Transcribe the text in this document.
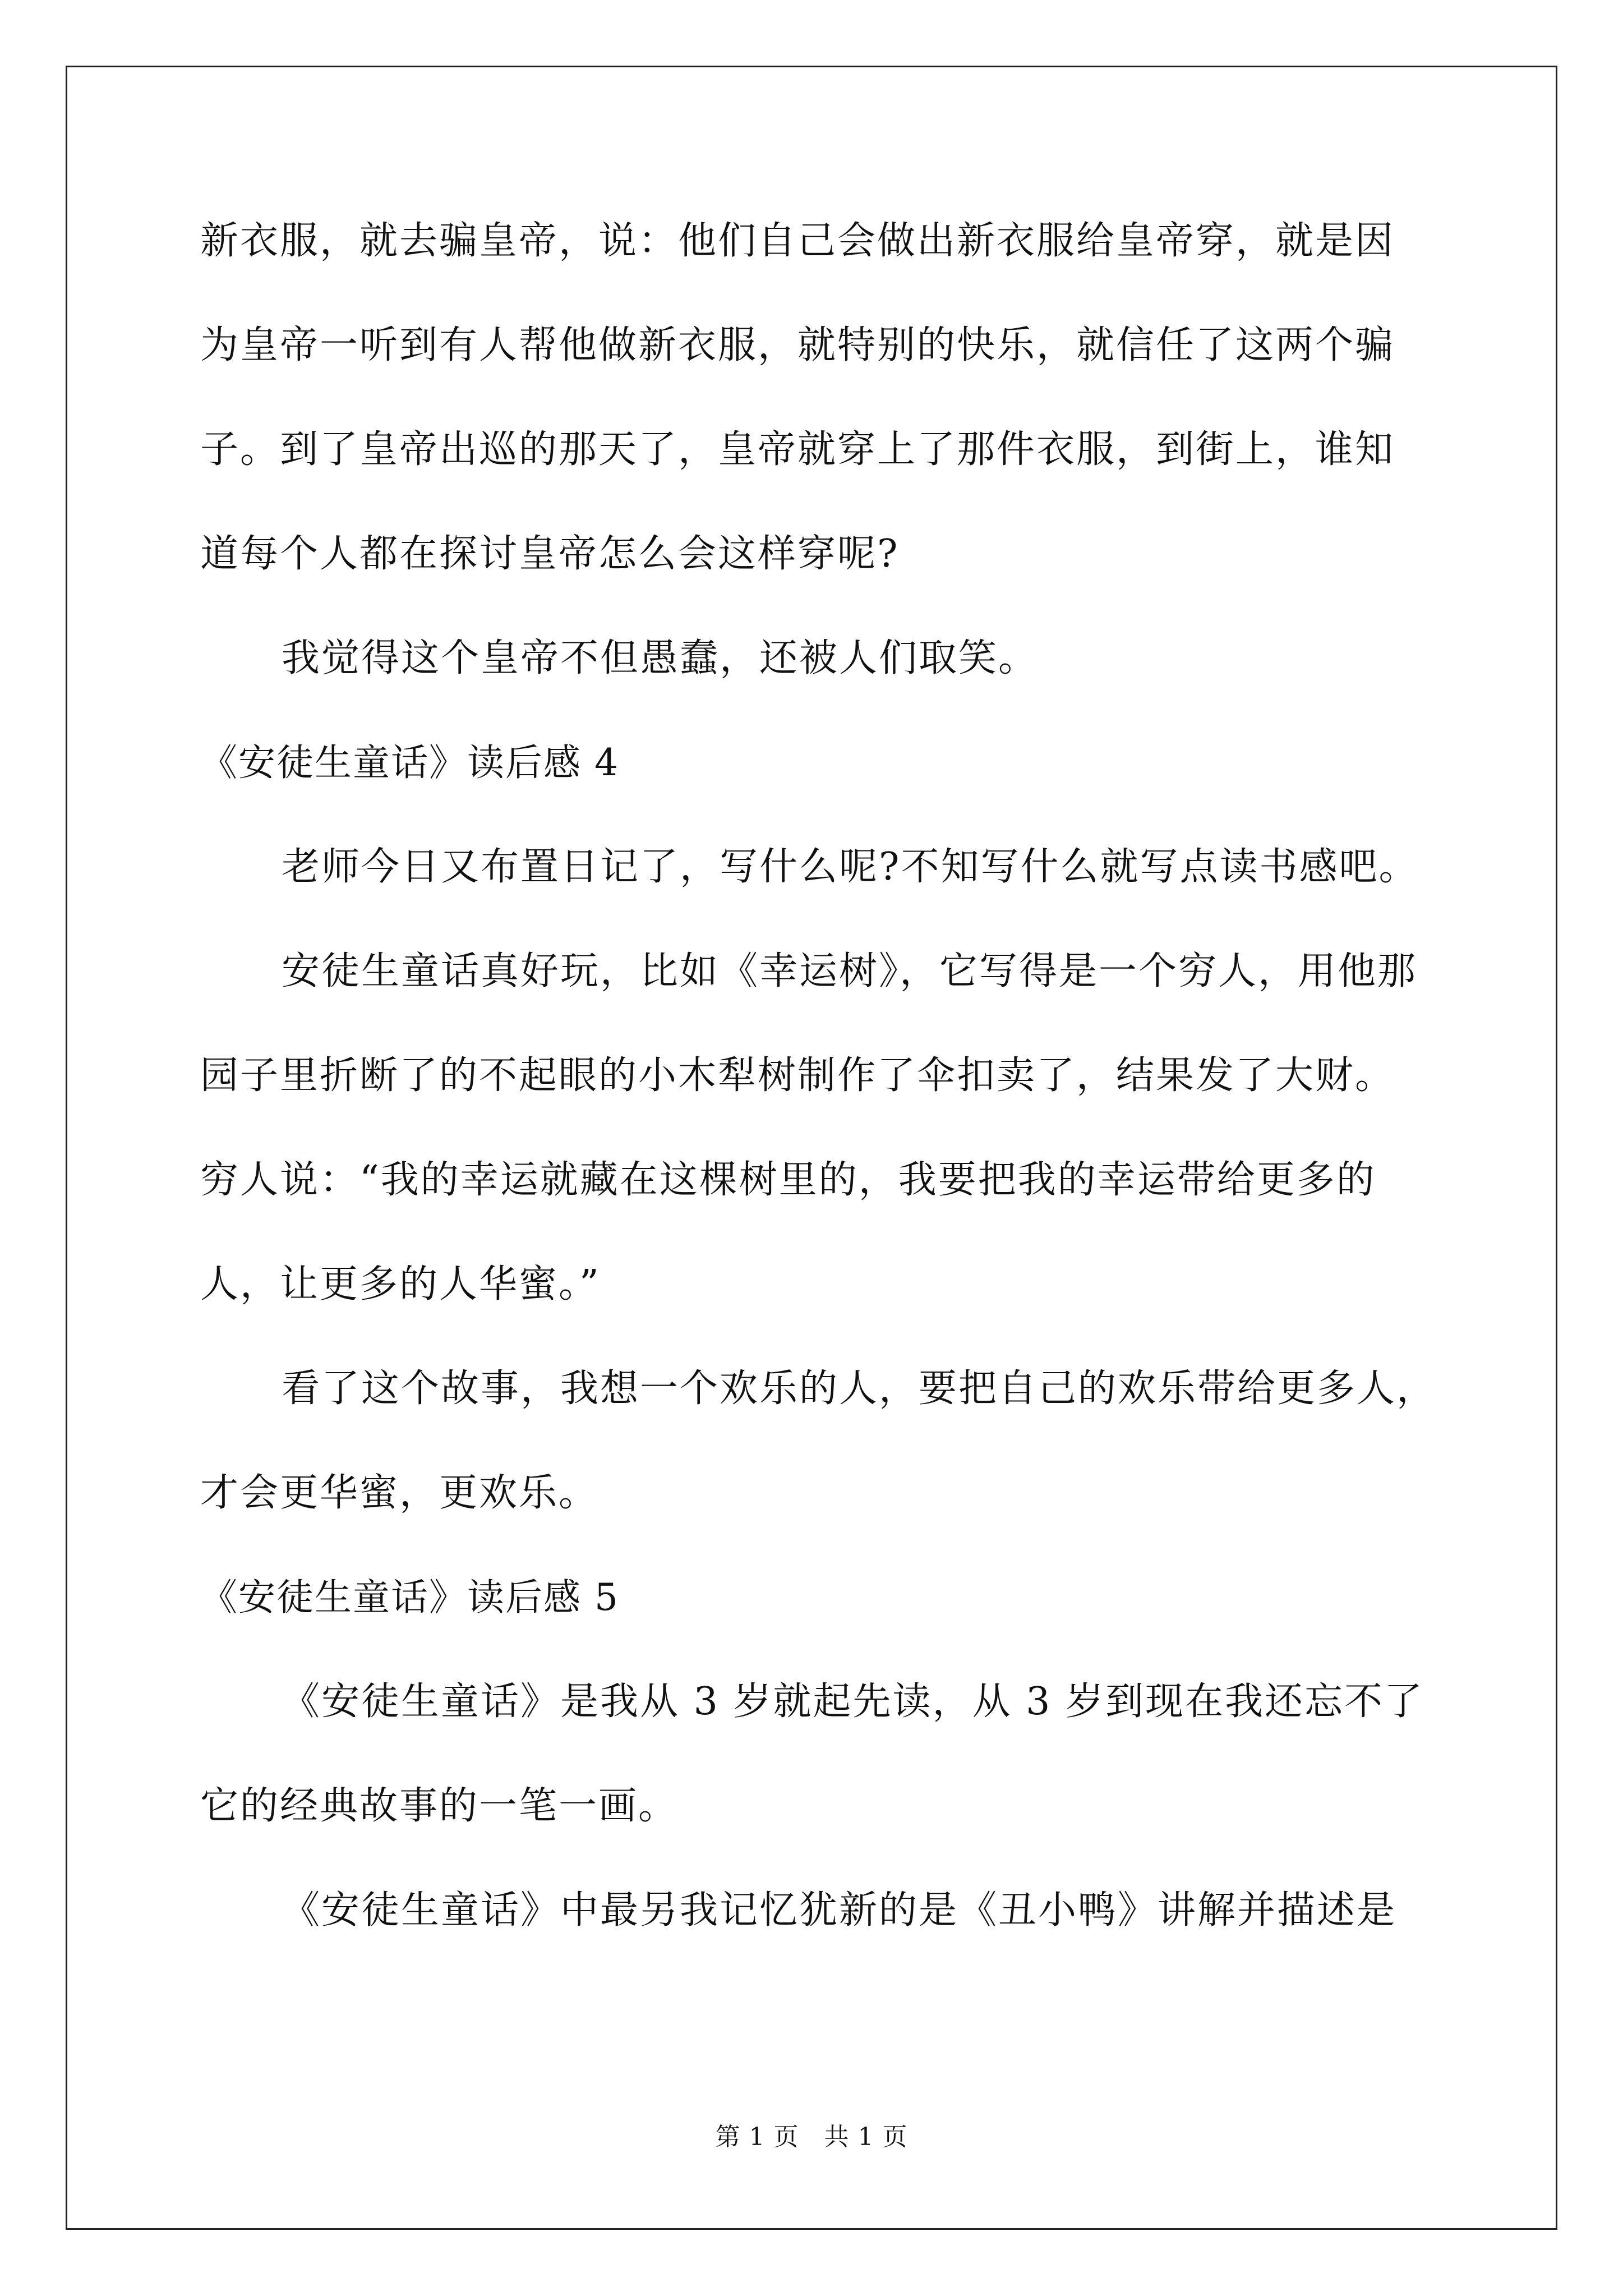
新衣服，就去骗皇帝，说：他们自己会做出新衣服给皇帝穿，就是因
为皇帝一听到有人帮他做新衣服，就特别的快乐，就信任了这两个骗
子。到了皇帝出巡的那天了，皇帝就穿上了那件衣服，到街上，谁知
道每个人都在探讨皇帝怎么会这样穿呢?
我觉得这个皇帝不但愚蠢，还被人们取笑。
《安徒生童话》读后感 4
老师今日又布置日记了，写什么呢?不知写什么就写点读书感吧。
安徒生童话真好玩，比如《幸运树》，它写得是一个穷人，用他那
园子里折断了的不起眼的小木犁树制作了伞扣卖了，结果发了大财。
穷人说：“我的幸运就藏在这棵树里的，我要把我的幸运带给更多的
人，让更多的人华蜜。”
看了这个故事，我想一个欢乐的人，要把自己的欢乐带给更多人，
才会更华蜜，更欢乐。
《安徒生童话》读后感 5
《安徒生童话》是我从 3 岁就起先读，从 3 岁到现在我还忘不了
它的经典故事的一笔一画。
《安徒生童话》中最另我记忆犹新的是《丑小鸭》讲解并描述是
第 1 页　共 1 页
